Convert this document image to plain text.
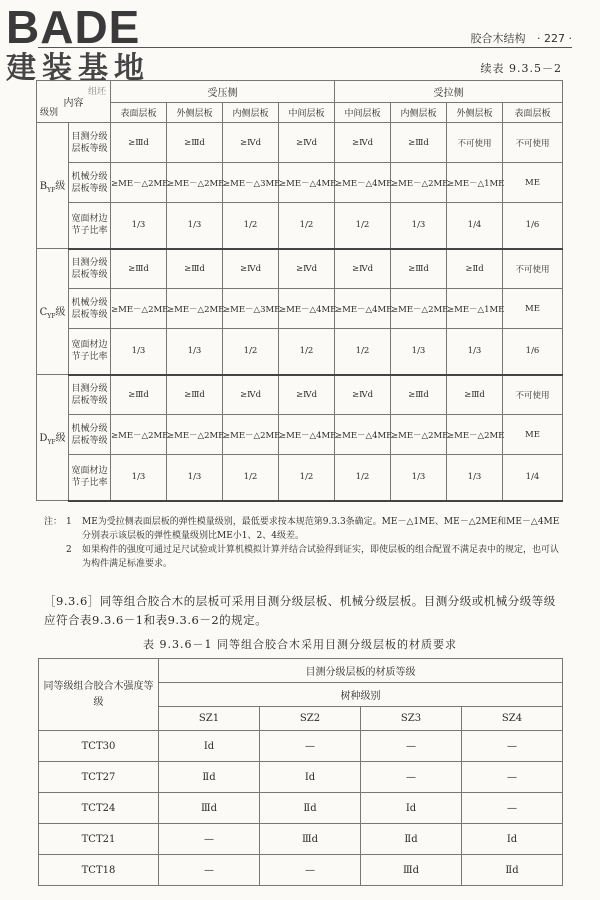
BADE
建装基地
胶合木结构 · 227 ·
续表 9.3.5－2
组坯
内容
级别		受压侧				受拉侧			
		表面层板	外侧层板	内侧层板	中间层板	中间层板	内侧层板	外侧层板	表面层板
$B_{YF}$级	目测分级层板等级	≥Ⅲd	≥Ⅲd	≥Ⅳd	≥Ⅳd	≥Ⅳd	≥Ⅲd	不可使用	不可使用
	机械分级层板等级	≥ME－△2ME	≥ME－△2ME	≥ME－△3ME	≥ME－△4ME	≥ME－△4ME	≥ME－△2ME	≥ME－△1ME	ME
	宽面材边节子比率	1/3	1/3	1/2	1/2	1/2	1/3	1/4	1/6
$C_{YF}$级	目测分级层板等级	≥Ⅲd	≥Ⅲd	≥Ⅳd	≥Ⅳd	≥Ⅳd	≥Ⅲd	≥Ⅱd	不可使用
	机械分级层板等级	≥ME－△2ME	≥ME－△2ME	≥ME－△3ME	≥ME－△4ME	≥ME－△4ME	≥ME－△2ME	≥ME－△1ME	ME
	宽面材边节子比率	1/3	1/3	1/2	1/2	1/2	1/3	1/3	1/6
$D_{YF}$级	目测分级层板等级	≥Ⅲd	≥Ⅲd	≥Ⅳd	≥Ⅳd	≥Ⅳd	≥Ⅲd	≥Ⅲd	不可使用
	机械分级层板等级	≥ME－△2ME	≥ME－△2ME	≥ME－△2ME	≥ME－△4ME	≥ME－△4ME	≥ME－△2ME	≥ME－△2ME	ME
	宽面材边节子比率	1/3	1/3	1/2	1/2	1/2	1/3	1/3	1/4
注： 1	ME为受拉侧表面层板的弹性模量级别，最低要求按本规范第9.3.3条确定。ME－△1ME、ME－△2ME和ME－△4ME分别表示该层板的弹性模量级别比ME小1、2、4级差。
2	如果构件的强度可通过足尺试验或计算机模拟计算并结合试验得到证实，即使层板的组合配置不满足表中的规定，也可认为构件满足标准要求。
［9.3.6］同等组合胶合木的层板可采用目测分级层板、机械分级层板。目测分级或机械分级等级应符合表9.3.6－1和表9.3.6－2的规定。
表 9.3.6－1 同等组合胶合木采用目测分级层板的材质要求
同等级组合胶合木强度等级	目测分级层板的材质等级			
	树种级别			
	SZ1	SZ2	SZ3	SZ4
TCT30	Ⅰd	—	—	—
TCT27	Ⅱd	Ⅰd	—	—
TCT24	Ⅲd	Ⅱd	Ⅰd	—
TCT21	—	Ⅲd	Ⅱd	Ⅰd
TCT18	—	—	Ⅲd	Ⅱd
